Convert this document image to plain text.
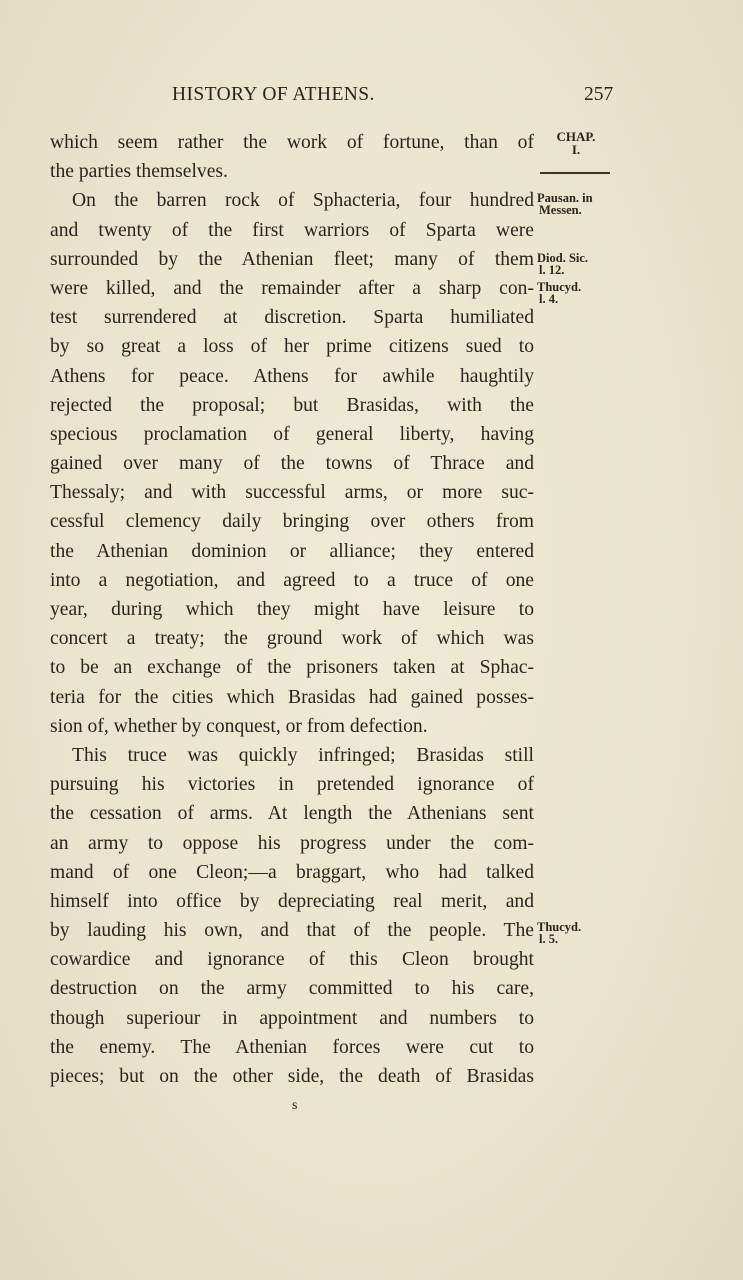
HISTORY OF ATHENS.	257
CHAP.
I.
which seem rather the work of fortune, than of
the parties themselves.
On the barren rock of Sphacteria, four hundred
and twenty of the first warriors of Sparta were
surrounded by the Athenian fleet; many of them
were killed, and the remainder after a sharp con-
test surrendered at discretion. Sparta humiliated
by so great a loss of her prime citizens sued to
Athens for peace. Athens for awhile haughtily
rejected the proposal; but Brasidas, with the
specious proclamation of general liberty, having
gained over many of the towns of Thrace and
Thessaly; and with successful arms, or more suc-
cessful clemency daily bringing over others from
the Athenian dominion or alliance; they entered
into a negotiation, and agreed to a truce of one
year, during which they might have leisure to
concert a treaty; the ground work of which was
to be an exchange of the prisoners taken at Sphac-
teria for the cities which Brasidas had gained posses-
sion of, whether by conquest, or from defection.
This truce was quickly infringed; Brasidas still
pursuing his victories in pretended ignorance of
the cessation of arms. At length the Athenians sent
an army to oppose his progress under the com-
mand of one Cleon;—a braggart, who had talked
himself into office by depreciating real merit, and
by lauding his own, and that of the people. The
cowardice and ignorance of this Cleon brought
destruction on the army committed to his care,
though superiour in appointment and numbers to
the enemy. The Athenian forces were cut to
pieces; but on the other side, the death of Brasidas
Pausan. in
Messen.
Diod. Sic.
l. 12.
Thucyd.
l. 4.
Thucyd.
l. 5.
s
